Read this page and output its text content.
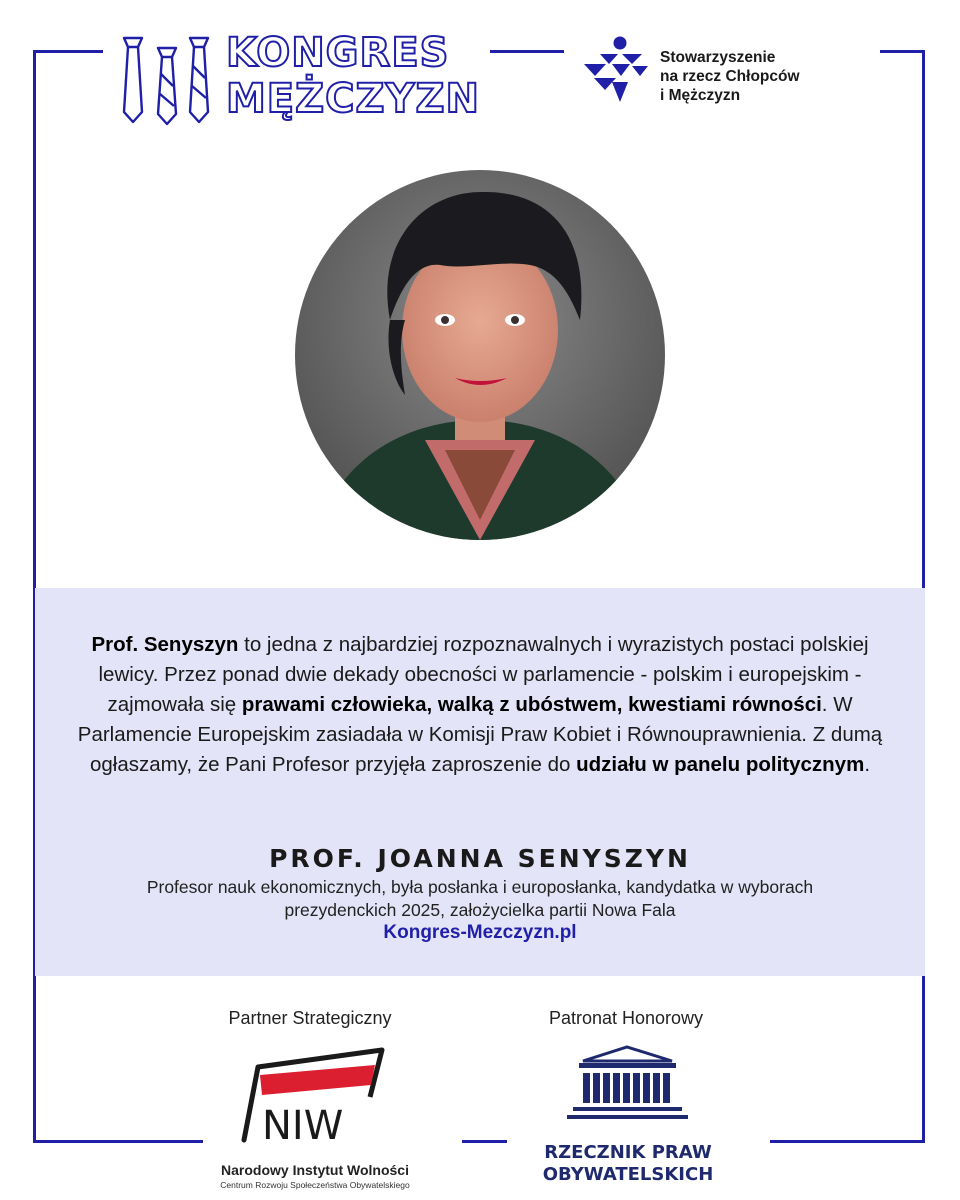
KONGRES
MĘŻCZYZN
Stowarzyszenie
na rzecz Chłopców
i Mężczyzn
Prof. Senyszyn to jedna z najbardziej rozpoznawalnych i wyrazistych postaci polskiej lewicy. Przez ponad dwie dekady obecności w parlamencie - polskim i europejskim - zajmowała się prawami człowieka, walką z ubóstwem, kwestiami równości. W Parlamencie Europejskim zasiadała w Komisji Praw Kobiet i Równouprawnienia. Z dumą ogłaszamy, że Pani Profesor przyjęła zaproszenie do udziału w panelu politycznym.
PROF. JOANNA SENYSZYN
Profesor nauk ekonomicznych, była posłanka i europosłanka, kandydatka w wyborach prezydenckich 2025, założycielka partii Nowa Fala
Kongres-Mezczyzn.pl
Partner Strategiczny	Patronat Honorowy
NIW
Narodowy Instytut Wolności
Centrum Rozwoju Społeczeństwa Obywatelskiego
RZECZNIK PRAW
OBYWATELSKICH
